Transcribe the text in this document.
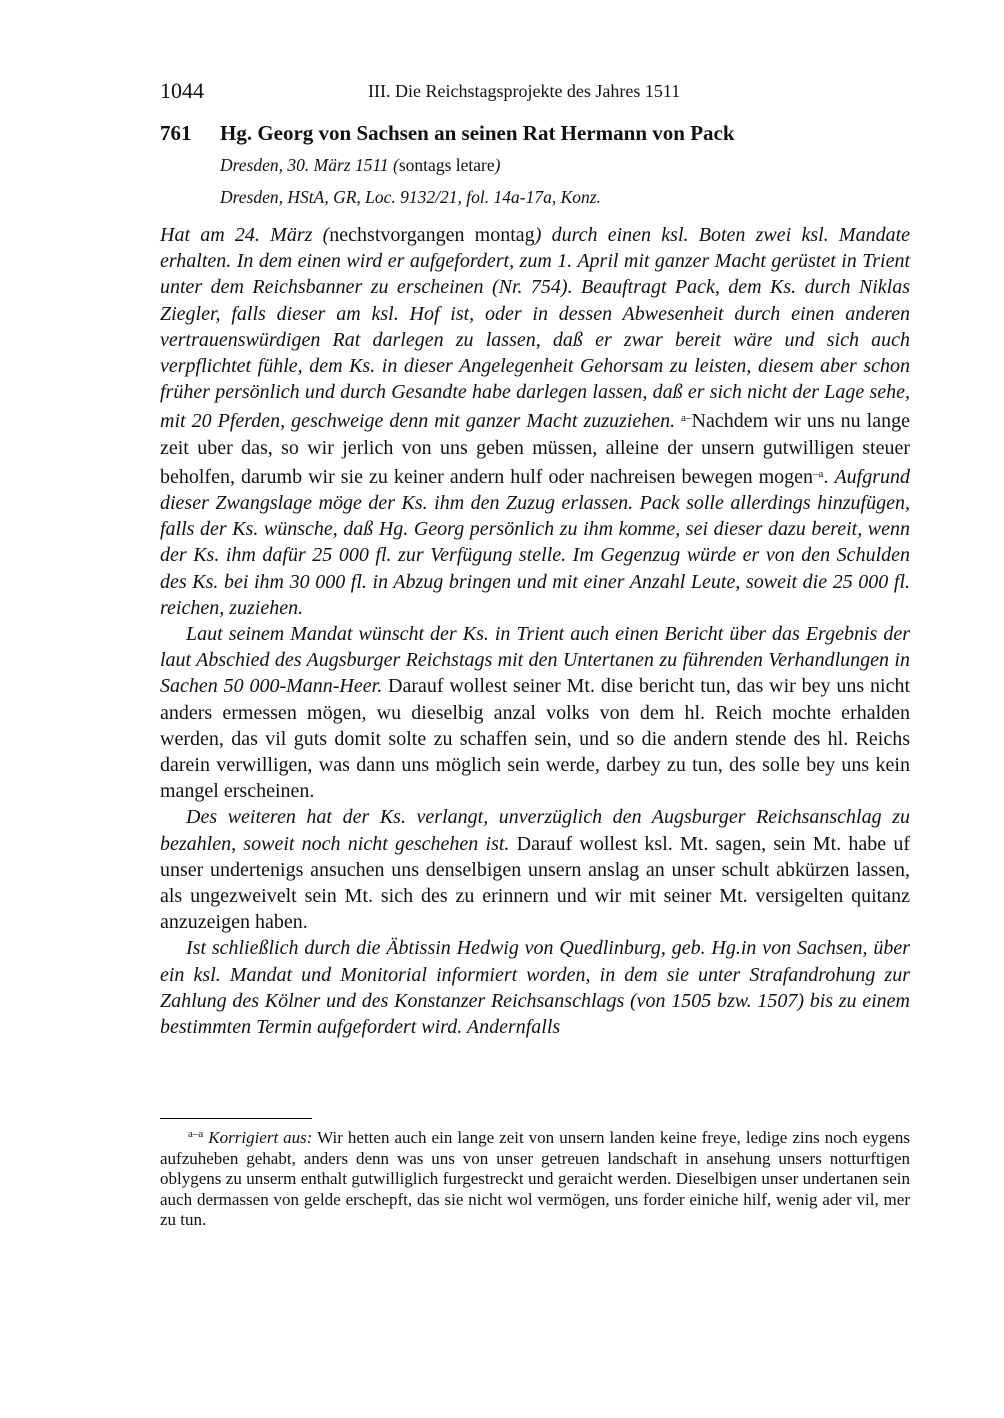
1044	III. Die Reichstagsprojekte des Jahres 1511
761 Hg. Georg von Sachsen an seinen Rat Hermann von Pack
Dresden, 30. März 1511 (sontags letare)
Dresden, HStA, GR, Loc. 9132/21, fol. 14a-17a, Konz.

Hat am 24. März (nechstvorgangen montag) durch einen ksl. Boten zwei ksl. Mandate erhalten. In dem einen wird er aufgefordert, zum 1. April mit ganzer Macht gerüstet in Trient unter dem Reichsbanner zu erscheinen (Nr. 754). Beauftragt Pack, dem Ks. durch Niklas Ziegler, falls dieser am ksl. Hof ist, oder in dessen Abwesenheit durch einen anderen vertrauenswürdigen Rat darlegen zu lassen, daß er zwar bereit wäre und sich auch verpflichtet fühle, dem Ks. in dieser Angelegenheit Gehorsam zu leisten, diesem aber schon früher persönlich und durch Gesandte habe darlegen lassen, daß er sich nicht der Lage sehe, mit 20 Pferden, geschweige denn mit ganzer Macht zuzuziehen. $^{a-}$Nachdem wir uns nu lange zeit uber das, so wir jerlich von uns geben müssen, alleine der unsern gutwilligen steuer beholfen, darumb wir sie zu keiner andern hulf oder nachreisen bewegen mogen$^{-a}$. Aufgrund dieser Zwangslage möge der Ks. ihm den Zuzug erlassen. Pack solle allerdings hinzufügen, falls der Ks. wünsche, daß Hg. Georg persönlich zu ihm komme, sei dieser dazu bereit, wenn der Ks. ihm dafür 25 000 fl. zur Verfügung stelle. Im Gegenzug würde er von den Schulden des Ks. bei ihm 30 000 fl. in Abzug bringen und mit einer Anzahl Leute, soweit die 25 000 fl. reichen, zuziehen.

Laut seinem Mandat wünscht der Ks. in Trient auch einen Bericht über das Ergebnis der laut Abschied des Augsburger Reichstags mit den Untertanen zu führenden Verhandlungen in Sachen 50 000-Mann-Heer. Darauf wollest seiner Mt. dise bericht tun, das wir bey uns nicht anders ermessen mögen, wu dieselbig anzal volks von dem hl. Reich mochte erhalden werden, das vil guts domit solte zu schaffen sein, und so die andern stende des hl. Reichs darein verwilligen, was dann uns möglich sein werde, darbey zu tun, des solle bey uns kein mangel erscheinen.

Des weiteren hat der Ks. verlangt, unverzüglich den Augsburger Reichsanschlag zu bezahlen, soweit noch nicht geschehen ist. Darauf wollest ksl. Mt. sagen, sein Mt. habe uf unser undertenigs ansuchen uns denselbigen unsern anslag an unser schult abkürzen lassen, als ungezweivelt sein Mt. sich des zu erinnern und wir mit seiner Mt. versigelten quitanz anzuzeigen haben.

Ist schließlich durch die Äbtissin Hedwig von Quedlinburg, geb. Hg.in von Sachsen, über ein ksl. Mandat und Monitorial informiert worden, in dem sie unter Strafandrohung zur Zahlung des Kölner und des Konstanzer Reichsanschlags (von 1505 bzw. 1507) bis zu einem bestimmten Termin aufgefordert wird. Andernfalls

$^{a-a}$ Korrigiert aus: Wir hetten auch ein lange zeit von unsern landen keine freye, ledige zins noch eygens aufzuheben gehabt, anders denn was uns von unser getreuen landschaft in ansehung unsers notturftigen oblygens zu unserm enthalt gutwilliglich furgestreckt und geraicht werden. Dieselbigen unser undertanen sein auch dermassen von gelde erschepft, das sie nicht wol vermögen, uns forder einiche hilf, wenig ader vil, mer zu tun.
